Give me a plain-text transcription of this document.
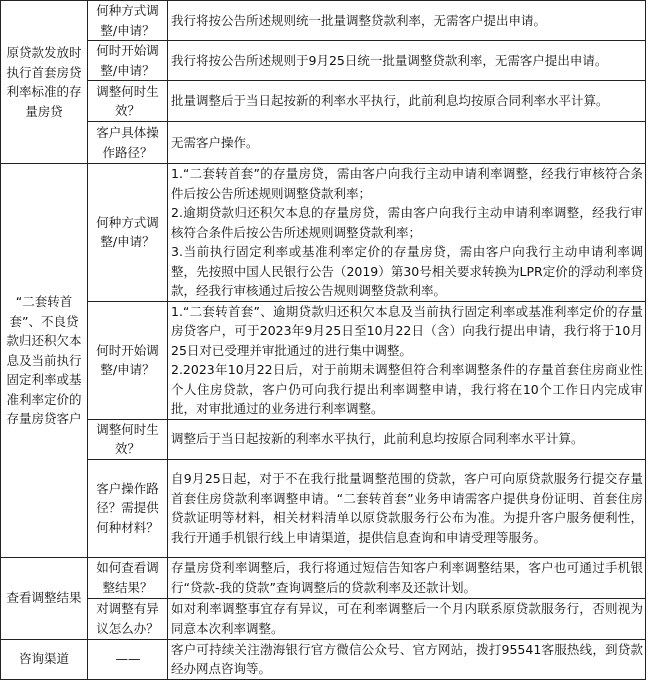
原贷款发放时执行首套房贷利率标准的存量房贷	何种方式调整/申请？	我行将按公告所述规则统一批量调整贷款利率，无需客户提出申请。
	何时开始调整/申请？	我行将按公告所述规则于9月25日统一批量调整贷款利率，无需客户提出申请。
	调整何时生效？	批量调整后于当日起按新的利率水平执行，此前利息均按原合同利率水平计算。
	客户具体操作路径？	无需客户操作。
“二套转首套”、不良贷款归还积欠本息及当前执行固定利率或基准利率定价的存量房贷客户	何种方式调整/申请？	1.“二套转首套”的存量房贷，需由客户向我行主动申请利率调整，经我行审核符合条件后按公告所述规则调整贷款利率；
2.逾期贷款归还积欠本息的存量房贷，需由客户向我行主动申请利率调整，经我行审核符合条件后按公告所述规则调整贷款利率；
3.当前执行固定利率或基准利率定价的存量房贷，需由客户向我行主动申请利率调整，先按照中国人民银行公告（2019）第30号相关要求转换为LPR定价的浮动利率贷款，经我行审核通过后按公告规则调整贷款利率。

	何时开始调整/申请？	1.“二套转首套”、逾期贷款归还积欠本息及当前执行固定利率或基准利率定价的存量房贷客户，可于2023年9月25日至10月22日（含）向我行提出申请，我行将于10月25日对已受理并审批通过的进行集中调整。
2.2023年10月22日后，对于前期未调整但符合利率调整条件的存量首套住房商业性个人住房贷款，客户仍可向我行提出利率调整申请，我行将在10个工作日内完成审批，对审批通过的业务进行利率调整。

	调整何时生效？	调整后于当日起按新的利率水平执行，此前利息均按原合同利率水平计算。
	客户操作路径？需提供何种材料？	自9月25日起，对于不在我行批量调整范围的贷款，客户可向原贷款服务行提交存量首套住房贷款利率调整申请。“二套转首套”业务申请需客户提供身份证明、首套住房贷款证明等材料，相关材料清单以原贷款服务行公布为准。为提升客户服务便利性，我行开通手机银行线上申请渠道，提供信息查询和申请受理等服务。
查看调整结果	如何查看调整结果？	存量房贷利率调整后，我行将通过短信告知客户利率调整结果，客户也可通过手机银行“贷款-我的贷款”查询调整后的贷款利率及还款计划。
	对调整有异议怎么办？	如对利率调整事宜存有异议，可在利率调整后一个月内联系原贷款服务行，否则视为同意本次利率调整。
咨询渠道	——	客户可持续关注渤海银行官方微信公众号、官方网站，拨打95541客服热线，到贷款经办网点咨询等。
